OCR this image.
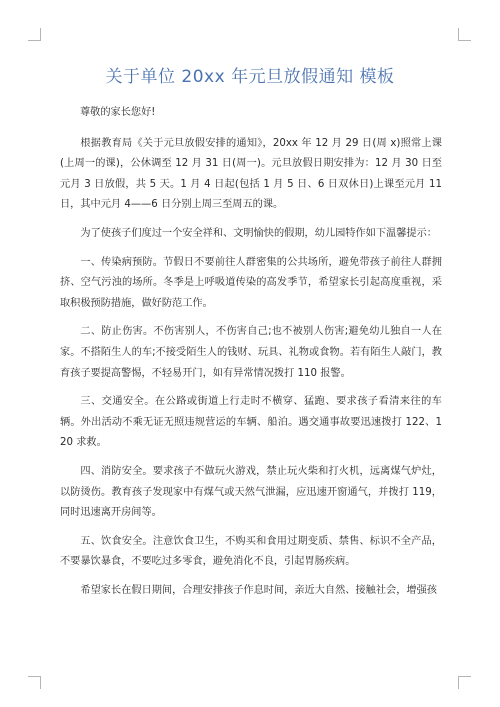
关于单位 20xx 年元旦放假通知 模板

尊敬的家长您好!

根据教育局《关于元旦放假安排的通知》，20xx 年 12 月 29 日(周 x)照常上课(上周一的课)，公休调至 12 月 31 日(周一)。元旦放假日期安排为：12 月 30 日至元月 3 日放假，共 5 天。1 月 4 日起(包括 1 月 5 日、6 日双休日)上课至元月 11 日，其中元月 4——6 日分别上周三至周五的课。

为了使孩子们度过一个安全祥和、文明愉快的假期，幼儿园特作如下温馨提示：

一、传染病预防。节假日不要前往人群密集的公共场所，避免带孩子前往人群拥挤、空气污浊的场所。冬季是上呼吸道传染的高发季节，希望家长引起高度重视，采取积极预防措施，做好防范工作。

二、防止伤害。不伤害别人，不伤害自己;也不被别人伤害;避免幼儿独自一人在家。不搭陌生人的车;不接受陌生人的钱财、玩具、礼物或食物。若有陌生人敲门，教育孩子要提高警惕，不轻易开门，如有异常情况拨打 110 报警。

三、交通安全。在公路或街道上行走时不横穿、猛跑、要求孩子看清来往的车辆。外出活动不乘无证无照违规营运的车辆、船泊。遇交通事故要迅速拨打 122、120 求救。

四、消防安全。要求孩子不做玩火游戏，禁止玩火柴和打火机，远离煤气炉灶，以防烫伤。教育孩子发现家中有煤气或天然气泄漏，应迅速开窗通气，并拨打 119，同时迅速离开房间等。

五、饮食安全。注意饮食卫生，不购买和食用过期变质、禁售、标识不全产品，不要暴饮暴食，不要吃过多零食，避免消化不良，引起胃肠疾病。

希望家长在假日期间，合理安排孩子作息时间，亲近大自然、接触社会，增强孩
